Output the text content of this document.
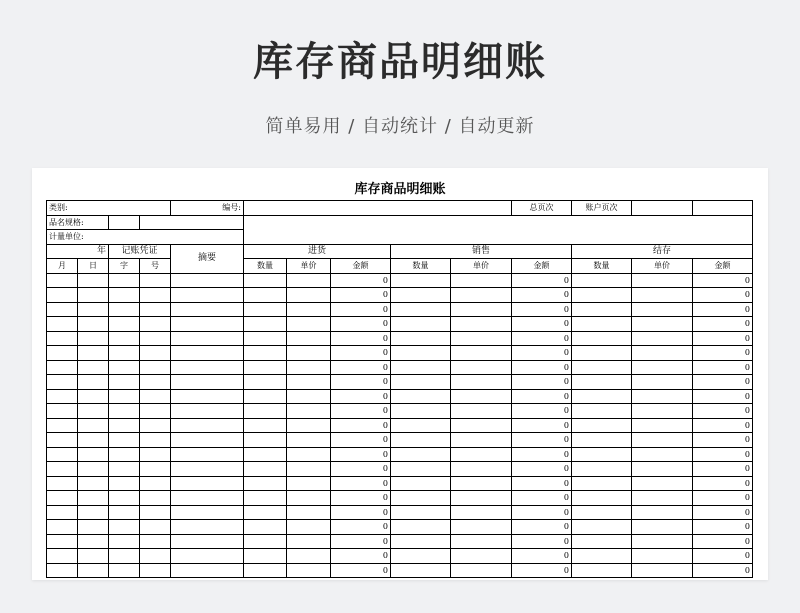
库存商品明细账
简单易用 / 自动统计 / 自动更新
库存商品明细账
类别:				编号:						总页次	账户页次		
品名规格:													
计量单位:													
年		记账凭证		摘要	进货			销售			结存		
月	日	字	号		数量	单价	金额	数量	单价	金额	数量	单价	金额
							0			0			0
							0			0			0
							0			0			0
							0			0			0
							0			0			0
							0			0			0
							0			0			0
							0			0			0
							0			0			0
							0			0			0
							0			0			0
							0			0			0
							0			0			0
							0			0			0
							0			0			0
							0			0			0
							0			0			0
							0			0			0
							0			0			0
							0			0			0
							0			0			0
